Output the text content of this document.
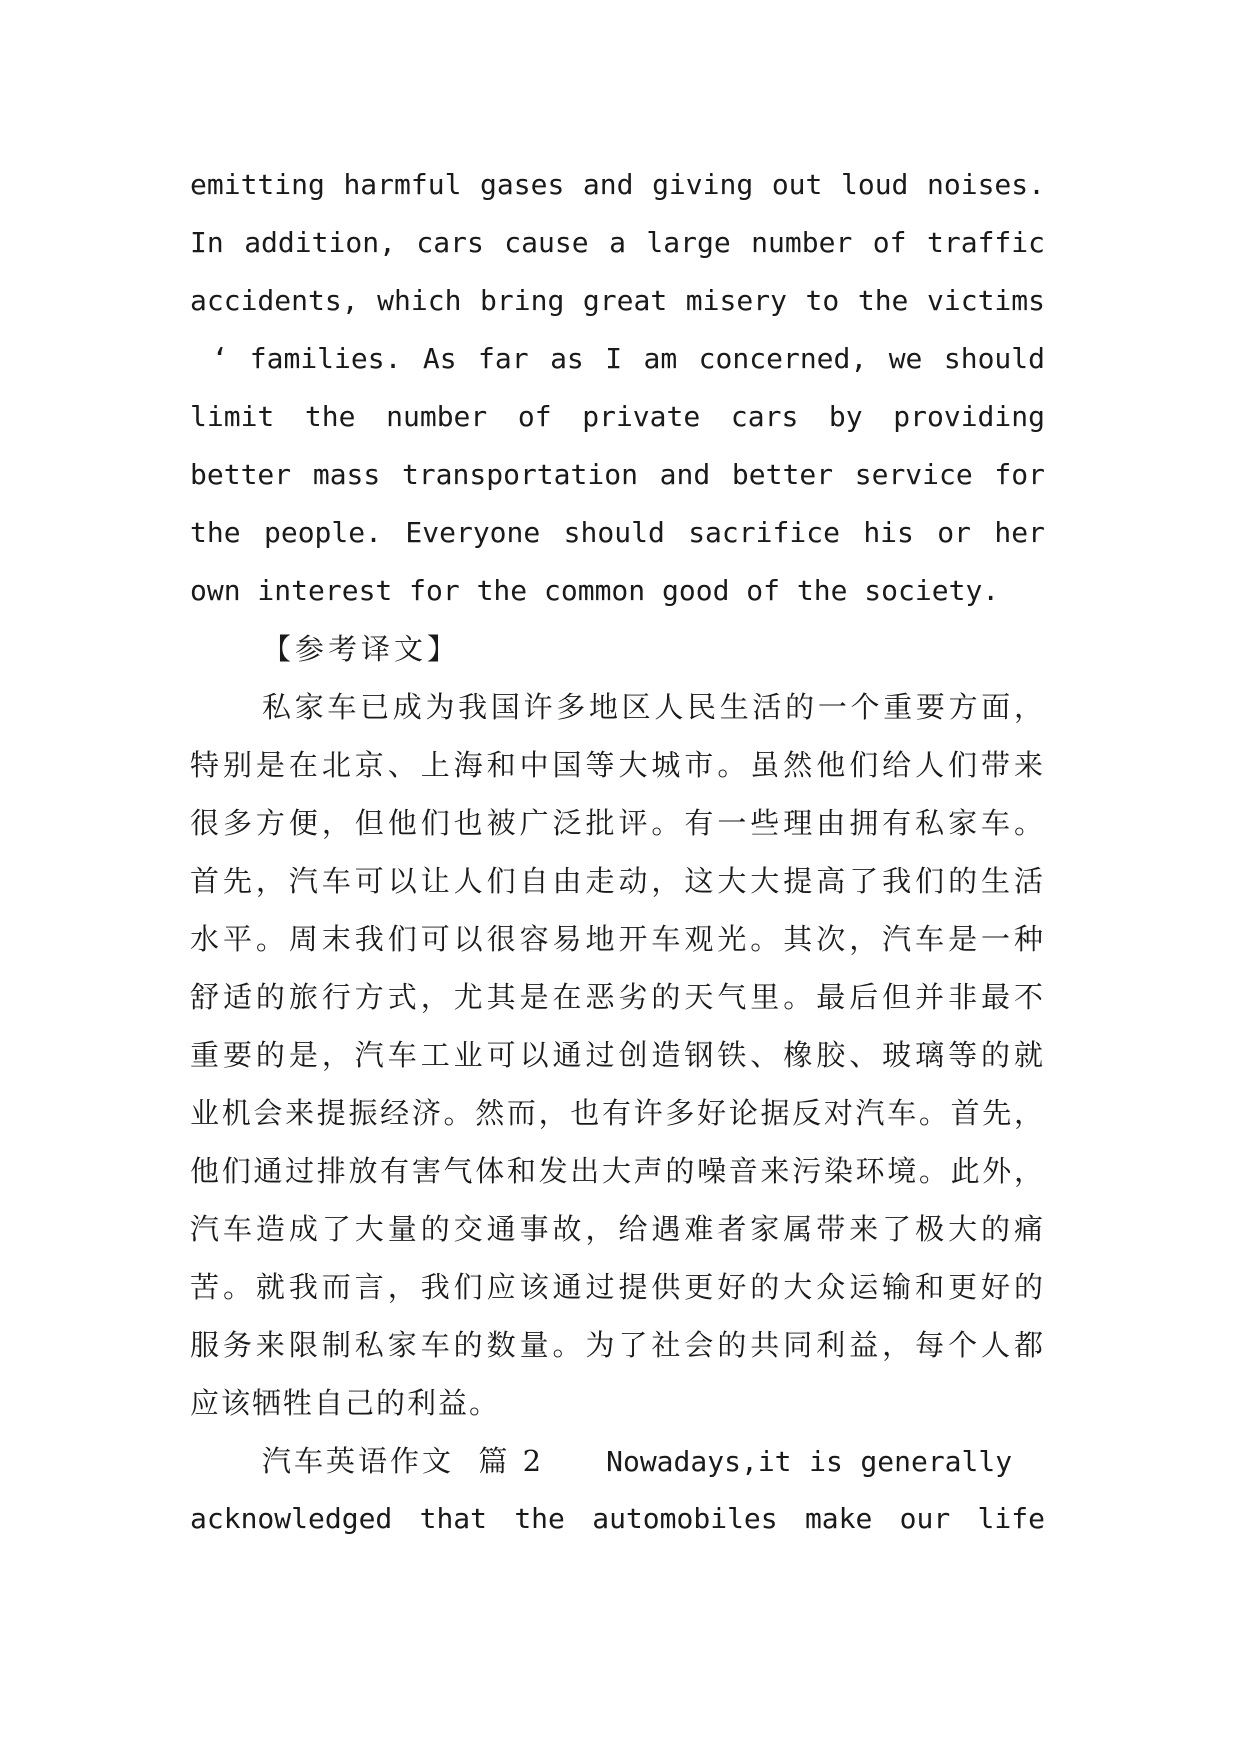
emitting harmful gases and giving out loud noises.
In addition, cars cause a large number of traffic
accidents, which bring great misery to the victims
‘ families. As far as I am concerned, we should
limit the number of private cars by providing
better mass transportation and better service for
the people. Everyone should sacrifice his or her
own interest for the common good of the society.
【参考译文】
私家车已成为我国许多地区人民生活的一个重要方面，
特别是在北京、上海和中国等大城市。虽然他们给人们带来
很多方便，但他们也被广泛批评。有一些理由拥有私家车。
首先，汽车可以让人们自由走动，这大大提高了我们的生活
水平。周末我们可以很容易地开车观光。其次，汽车是一种
舒适的旅行方式，尤其是在恶劣的天气里。最后但并非最不
重要的是，汽车工业可以通过创造钢铁、橡胶、玻璃等的就
业机会来提振经济。然而，也有许多好论据反对汽车。首先，
他们通过排放有害气体和发出大声的噪音来污染环境。此外，
汽车造成了大量的交通事故，给遇难者家属带来了极大的痛
苦。就我而言，我们应该通过提供更好的大众运输和更好的
服务来限制私家车的数量。为了社会的共同利益，每个人都
应该牺牲自己的利益。
汽车英语作文  篇 2 Nowadays,it is generally
acknowledged that the automobiles make our life
